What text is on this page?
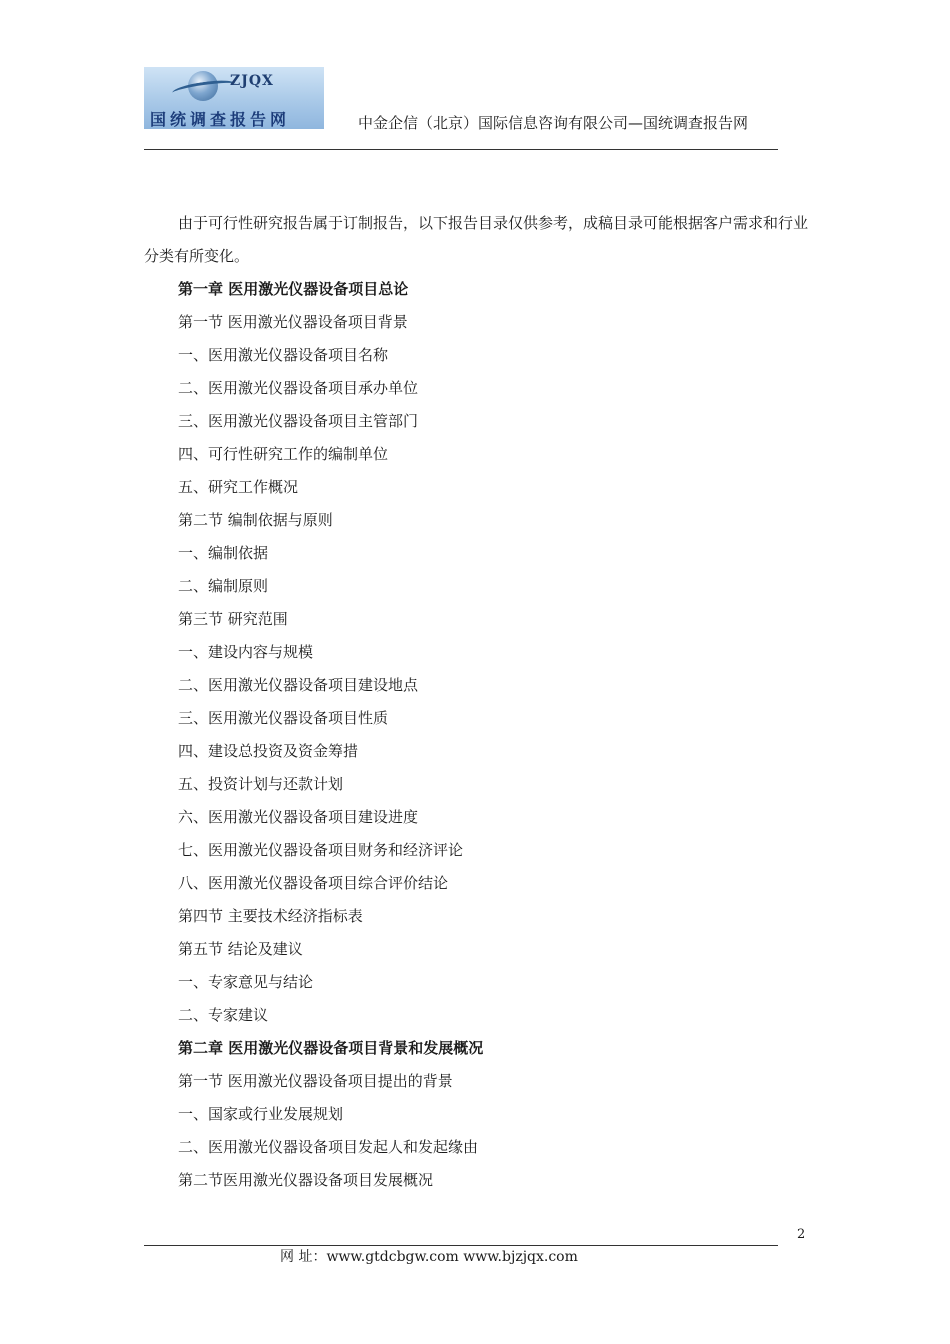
ZJQX
国统调查报告网	中金企信（北京）国际信息咨询有限公司—国统调查报告网

由于可行性研究报告属于订制报告，以下报告目录仅供参考，成稿目录可能根据客户需求和行业分类有所变化。

第一章 医用激光仪器设备项目总论

第一节 医用激光仪器设备项目背景

一、医用激光仪器设备项目名称

二、医用激光仪器设备项目承办单位

三、医用激光仪器设备项目主管部门

四、可行性研究工作的编制单位

五、研究工作概况

第二节 编制依据与原则

一、编制依据

二、编制原则

第三节 研究范围

一、建设内容与规模

二、医用激光仪器设备项目建设地点

三、医用激光仪器设备项目性质

四、建设总投资及资金筹措

五、投资计划与还款计划

六、医用激光仪器设备项目建设进度

七、医用激光仪器设备项目财务和经济评论

八、医用激光仪器设备项目综合评价结论

第四节 主要技术经济指标表

第五节 结论及建议

一、专家意见与结论

二、专家建议

第二章 医用激光仪器设备项目背景和发展概况

第一节 医用激光仪器设备项目提出的背景

一、国家或行业发展规划

二、医用激光仪器设备项目发起人和发起缘由

第二节医用激光仪器设备项目发展概况

2
网 址：www.gtdcbgw.com www.bjzjqx.com
